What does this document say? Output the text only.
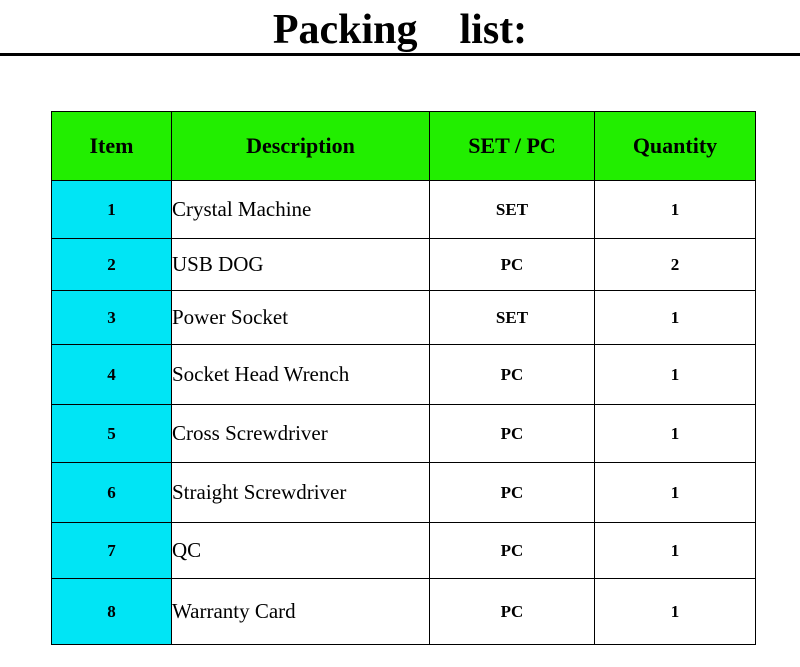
Packing    list:
Item	Description	SET / PC	Quantity
1	Crystal Machine	SET	1
2	USB DOG	PC	2
3	Power Socket	SET	1
4	Socket Head Wrench	PC	1
5	Cross Screwdriver	PC	1
6	Straight Screwdriver	PC	1
7	QC	PC	1
8	Warranty Card	PC	1
